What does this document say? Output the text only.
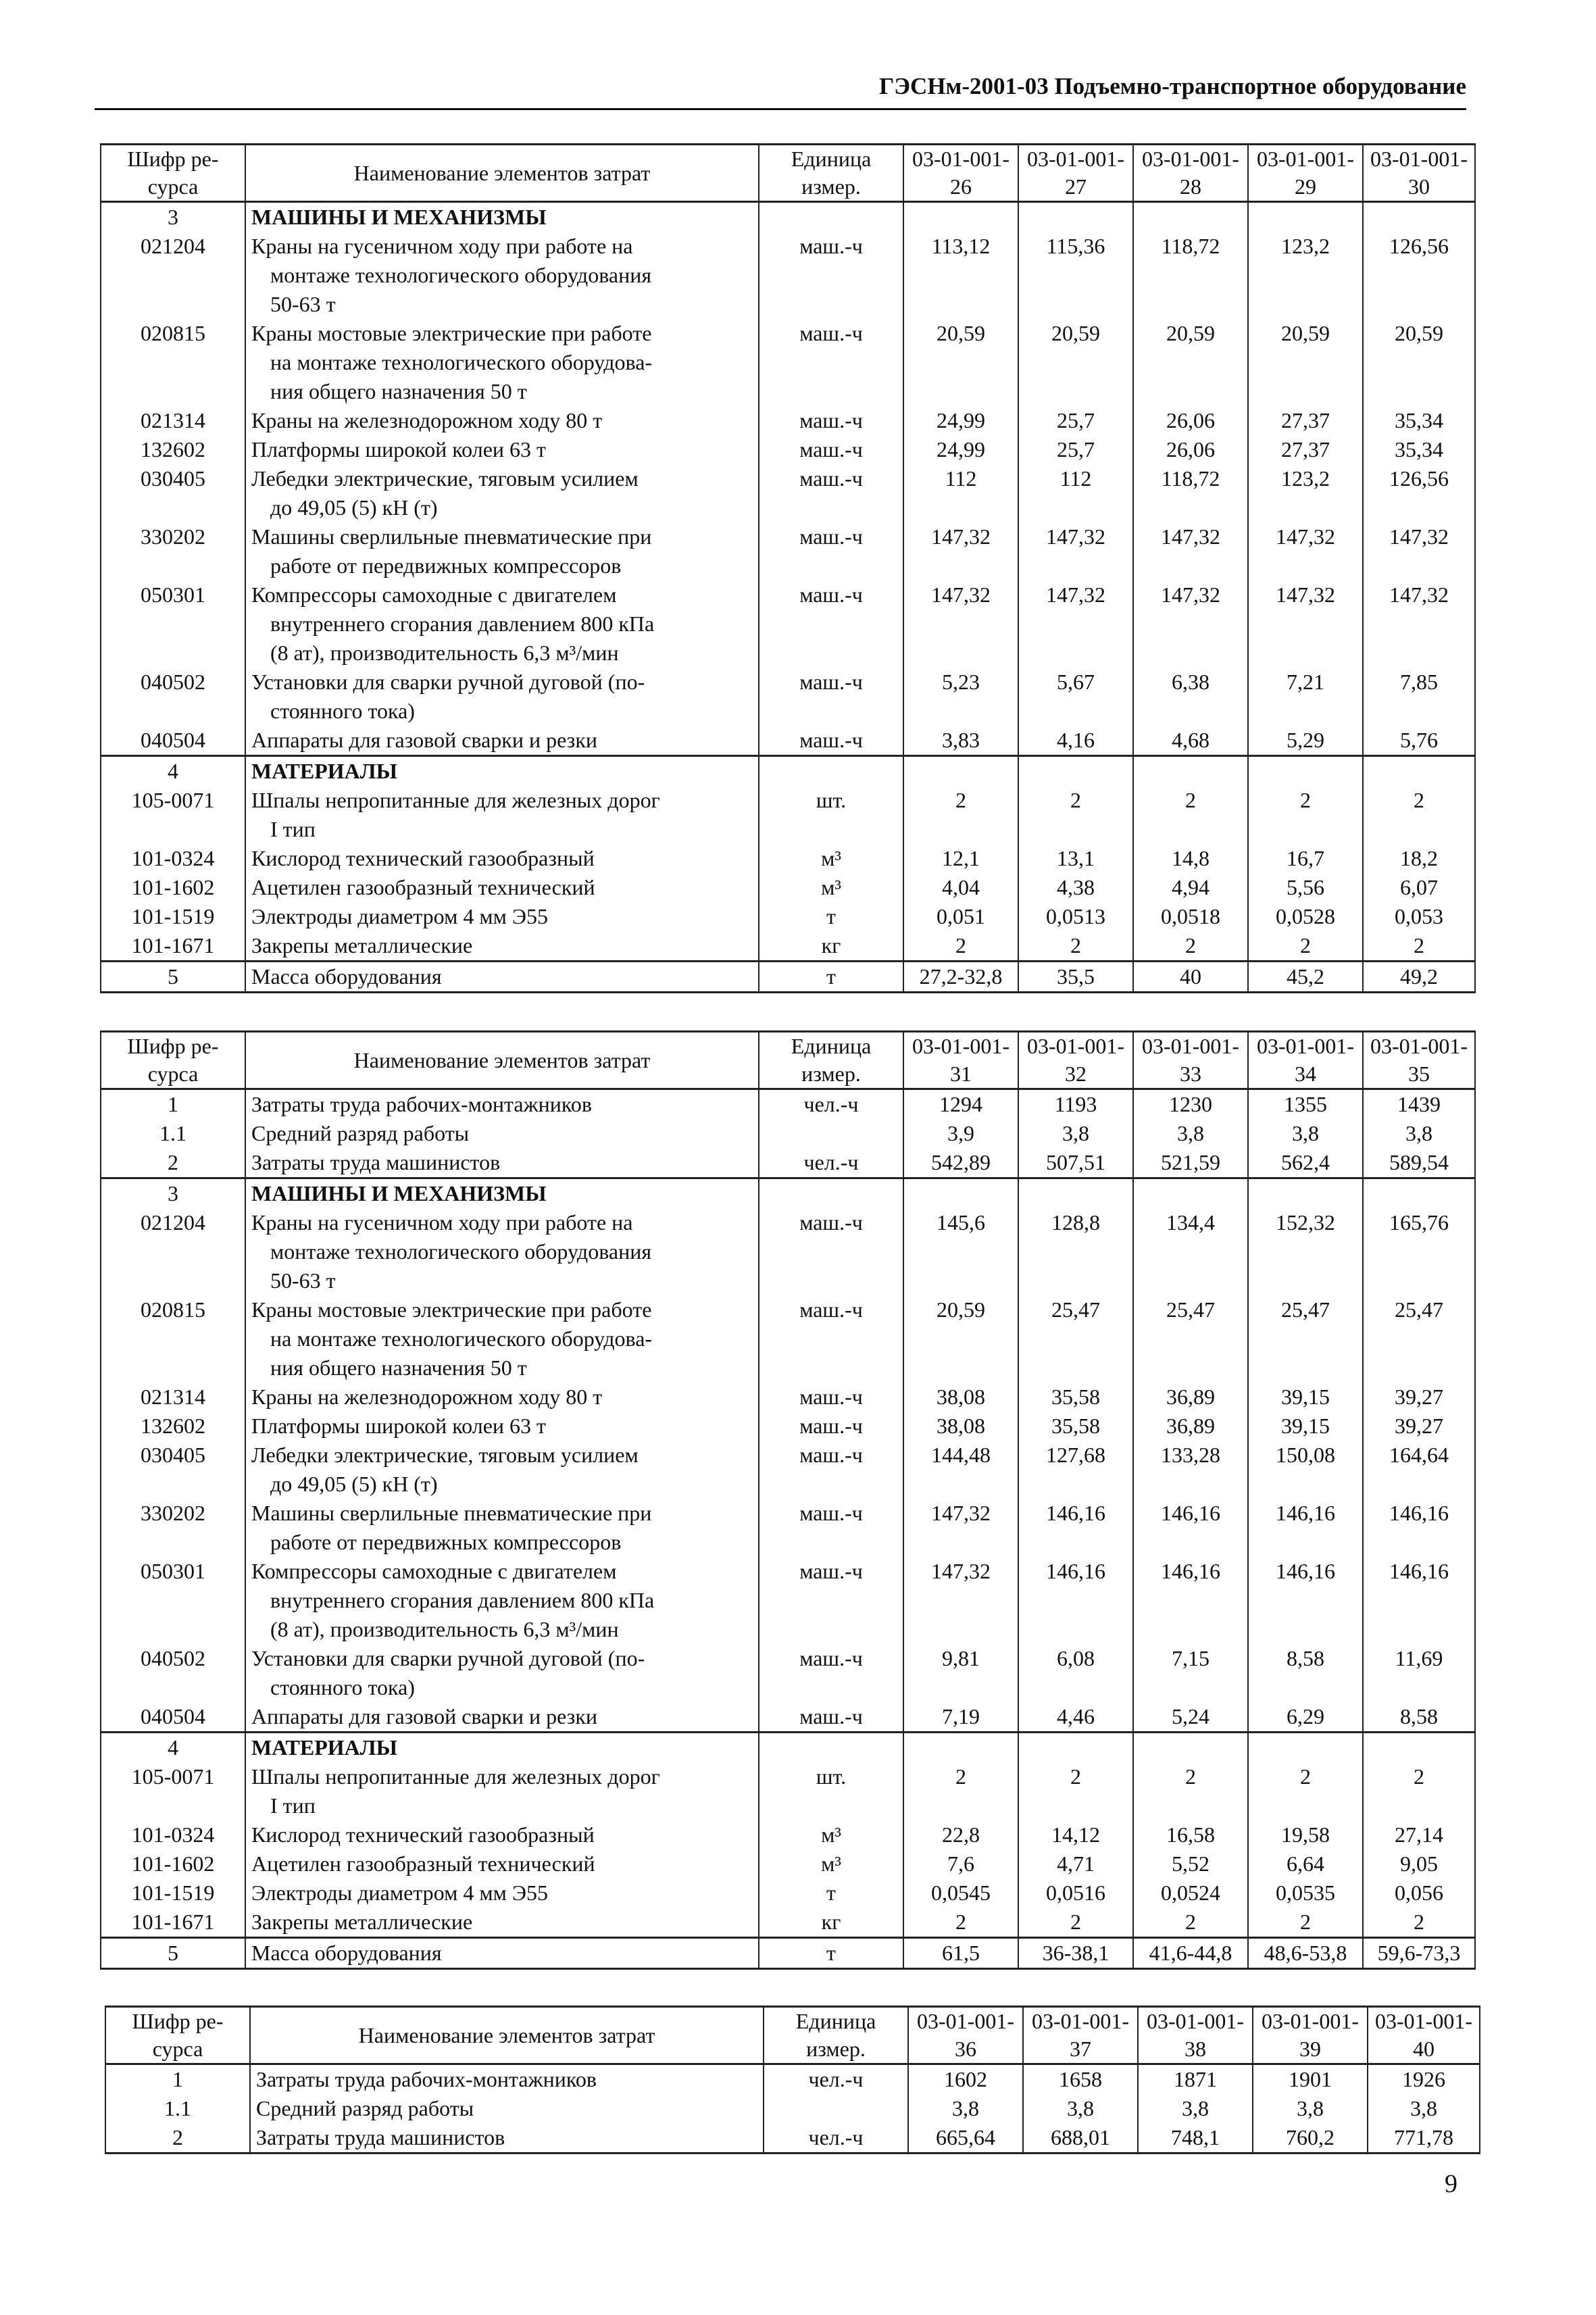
ГЭСНм-2001-03 Подъемно-транспортное оборудование
Шифр ре-сурса	Наименование элементов затрат	Единица измер.	03-01-001-26	03-01-001-27	03-01-001-28	03-01-001-29	03-01-001-30
3	МАШИНЫ И МЕХАНИЗМЫ						

021204	Краны на гусеничном ходу при работе на
монтаже технологического оборудования
50-63 т	маш.-ч	113,12	115,36	118,72	123,2	126,56
020815	Краны мостовые электрические при работе
на монтаже технологического оборудова-
ния общего назначения 50 т	маш.-ч	20,59	20,59	20,59	20,59	20,59
021314	Краны на железнодорожном ходу 80 т	маш.-ч	24,99	25,7	26,06	27,37	35,34
132602	Платформы широкой колеи 63 т	маш.-ч	24,99	25,7	26,06	27,37	35,34
030405	Лебедки электрические, тяговым усилием
до 49,05 (5) кН (т)	маш.-ч	112	112	118,72	123,2	126,56
330202	Машины сверлильные пневматические при
работе от передвижных компрессоров	маш.-ч	147,32	147,32	147,32	147,32	147,32
050301	Компрессоры самоходные с двигателем
внутреннего сгорания давлением 800 кПа
(8 ат), производительность 6,3 м³/мин	маш.-ч	147,32	147,32	147,32	147,32	147,32
040502	Установки для сварки ручной дуговой (по-
стоянного тока)	маш.-ч	5,23	5,67	6,38	7,21	7,85
040504	Аппараты для газовой сварки и резки	маш.-ч	3,83	4,16	4,68	5,29	5,76
4	МАТЕРИАЛЫ						

105-0071	Шпалы непропитанные для железных дорог
I тип	шт.	2	2	2	2	2
101-0324	Кислород технический газообразный	м³	12,1	13,1	14,8	16,7	18,2
101-1602	Ацетилен газообразный технический	м³	4,04	4,38	4,94	5,56	6,07
101-1519	Электроды диаметром 4 мм Э55	т	0,051	0,0513	0,0518	0,0528	0,053
101-1671	Закрепы металлические	кг	2	2	2	2	2
5	Масса оборудования	т	27,2-32,8	35,5	40	45,2	49,2
Шифр ре-сурса	Наименование элементов затрат	Единица измер.	03-01-001-31	03-01-001-32	03-01-001-33	03-01-001-34	03-01-001-35
1	Затраты труда рабочих-монтажников	чел.-ч	1294	1193	1230	1355	1439
1.1	Средний разряд работы		3,9	3,8	3,8	3,8	3,8
2	Затраты труда машинистов	чел.-ч	542,89	507,51	521,59	562,4	589,54
3	МАШИНЫ И МЕХАНИЗМЫ						

021204	Краны на гусеничном ходу при работе на
монтаже технологического оборудования
50-63 т	маш.-ч	145,6	128,8	134,4	152,32	165,76
020815	Краны мостовые электрические при работе
на монтаже технологического оборудова-
ния общего назначения 50 т	маш.-ч	20,59	25,47	25,47	25,47	25,47
021314	Краны на железнодорожном ходу 80 т	маш.-ч	38,08	35,58	36,89	39,15	39,27
132602	Платформы широкой колеи 63 т	маш.-ч	38,08	35,58	36,89	39,15	39,27
030405	Лебедки электрические, тяговым усилием
до 49,05 (5) кН (т)	маш.-ч	144,48	127,68	133,28	150,08	164,64
330202	Машины сверлильные пневматические при
работе от передвижных компрессоров	маш.-ч	147,32	146,16	146,16	146,16	146,16
050301	Компрессоры самоходные с двигателем
внутреннего сгорания давлением 800 кПа
(8 ат), производительность 6,3 м³/мин	маш.-ч	147,32	146,16	146,16	146,16	146,16
040502	Установки для сварки ручной дуговой (по-
стоянного тока)	маш.-ч	9,81	6,08	7,15	8,58	11,69
040504	Аппараты для газовой сварки и резки	маш.-ч	7,19	4,46	5,24	6,29	8,58
4	МАТЕРИАЛЫ						

105-0071	Шпалы непропитанные для железных дорог
I тип	шт.	2	2	2	2	2
101-0324	Кислород технический газообразный	м³	22,8	14,12	16,58	19,58	27,14
101-1602	Ацетилен газообразный технический	м³	7,6	4,71	5,52	6,64	9,05
101-1519	Электроды диаметром 4 мм Э55	т	0,0545	0,0516	0,0524	0,0535	0,056
101-1671	Закрепы металлические	кг	2	2	2	2	2
5	Масса оборудования	т	61,5	36-38,1	41,6-44,8	48,6-53,8	59,6-73,3
Шифр ре-сурса	Наименование элементов затрат	Единица измер.	03-01-001-36	03-01-001-37	03-01-001-38	03-01-001-39	03-01-001-40
1	Затраты труда рабочих-монтажников	чел.-ч	1602	1658	1871	1901	1926
1.1	Средний разряд работы		3,8	3,8	3,8	3,8	3,8
2	Затраты труда машинистов	чел.-ч	665,64	688,01	748,1	760,2	771,78
9
